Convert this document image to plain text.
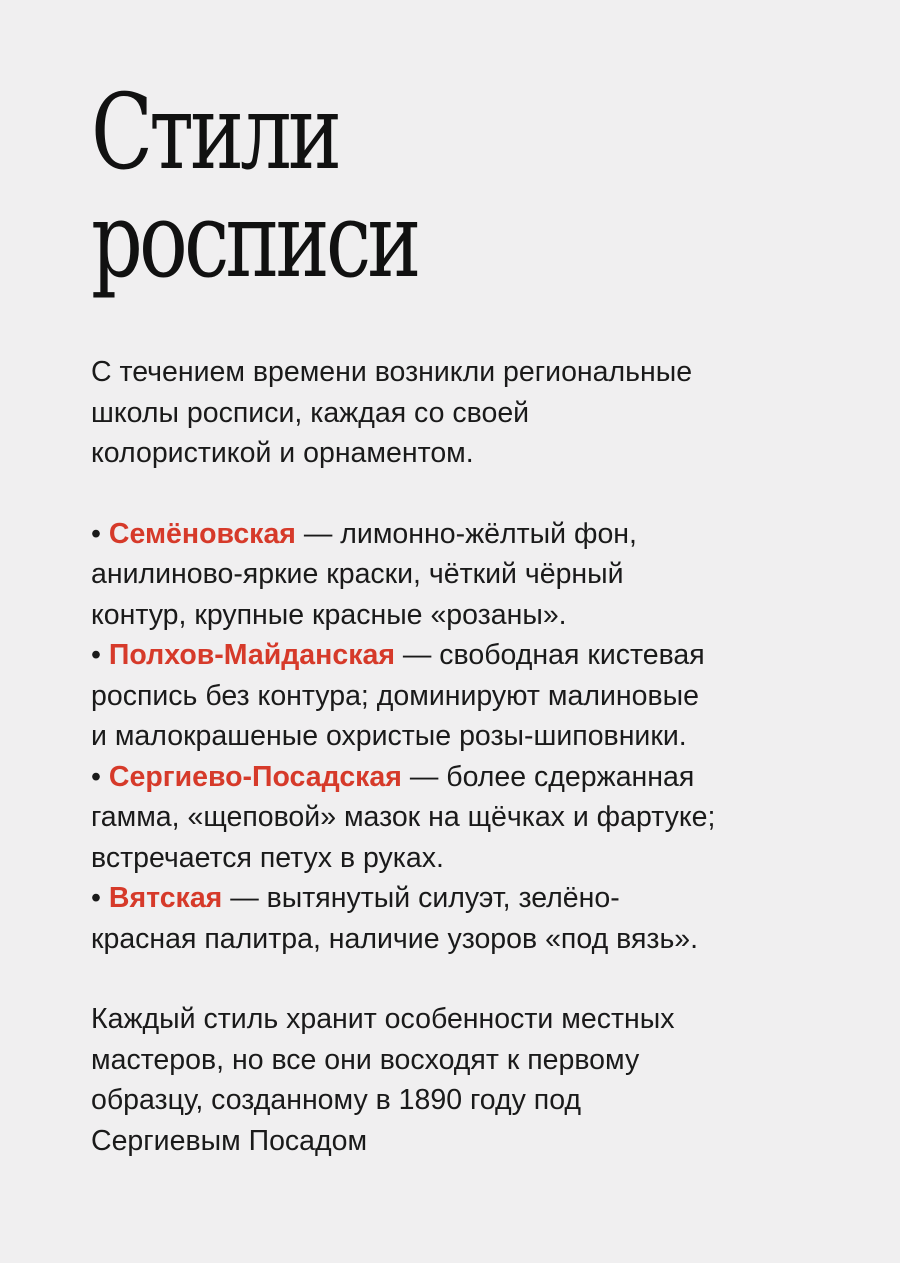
Стили
росписи

С течением времени возникли региональные
школы росписи, каждая со своей
колористикой и орнаментом.

• Семёновская — лимонно-жёлтый фон,
анилиново-яркие краски, чёткий чёрный
контур, крупные красные «розаны».
• Полхов-Майданская — свободная кистевая
роспись без контура; доминируют малиновые
и малокрашеные охристые розы-шиповники.
• Сергиево-Посадская — более сдержанная
гамма, «щеповой» мазок на щёчках и фартуке;
встречается петух в руках.
• Вятская — вытянутый силуэт, зелёно-
красная палитра, наличие узоров «под вязь».

Каждый стиль хранит особенности местных
мастеров, но все они восходят к первому
образцу, созданному в 1890 году под
Сергиевым Посадом
